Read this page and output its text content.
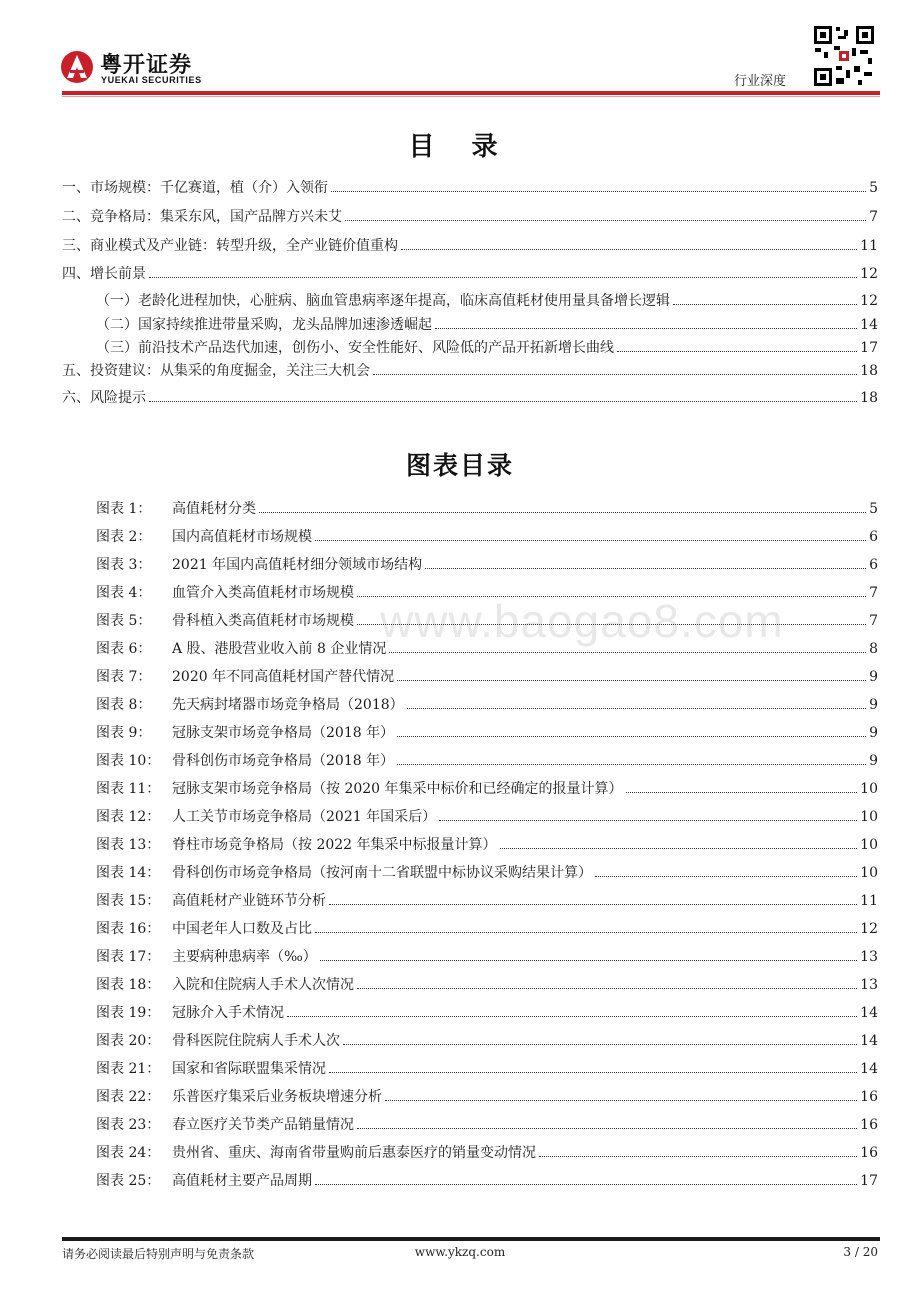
粤开证券
YUEKAI SECURITIES	行业深度
www.baogao8.com
目 录
一、市场规模：千亿赛道，植（介）入领衔	5
二、竞争格局：集采东风，国产品牌方兴未艾	7
三、商业模式及产业链：转型升级，全产业链价值重构	11
四、增长前景	12
（一）老龄化进程加快，心脏病、脑血管患病率逐年提高，临床高值耗材使用量具备增长逻辑	12
（二）国家持续推进带量采购，龙头品牌加速渗透崛起	14
（三）前沿技术产品迭代加速，创伤小、安全性能好、风险低的产品开拓新增长曲线	17
五、投资建议：从集采的角度掘金，关注三大机会	18
六、风险提示	18
图表目录
图表 1：	高值耗材分类	5
图表 2：	国内高值耗材市场规模	6
图表 3：	2021 年国内高值耗材细分领域市场结构	6
图表 4：	血管介入类高值耗材市场规模	7
图表 5：	骨科植入类高值耗材市场规模	7
图表 6：	A 股、港股营业收入前 8 企业情况	8
图表 7：	2020 年不同高值耗材国产替代情况	9
图表 8：	先天病封堵器市场竞争格局（2018）	9
图表 9：	冠脉支架市场竞争格局（2018 年）	9
图表 10： 骨科创伤市场竞争格局（2018 年）	9
图表 11： 冠脉支架市场竞争格局（按 2020 年集采中标价和已经确定的报量计算）	10
图表 12： 人工关节市场竞争格局（2021 年国采后）	10
图表 13： 脊柱市场竞争格局（按 2022 年集采中标报量计算）	10
图表 14： 骨科创伤市场竞争格局（按河南十二省联盟中标协议采购结果计算）	10
图表 15： 高值耗材产业链环节分析	11
图表 16： 中国老年人口数及占比	12
图表 17： 主要病种患病率（‰）	13
图表 18： 入院和住院病人手术人次情况	13
图表 19： 冠脉介入手术情况	14
图表 20： 骨科医院住院病人手术人次	14
图表 21： 国家和省际联盟集采情况	14
图表 22： 乐普医疗集采后业务板块增速分析	16
图表 23： 春立医疗关节类产品销量情况	16
图表 24： 贵州省、重庆、海南省带量购前后惠泰医疗的销量变动情况	16
图表 25： 高值耗材主要产品周期	17
请务必阅读最后特别声明与免责条款	www.ykzq.com	3 / 20
